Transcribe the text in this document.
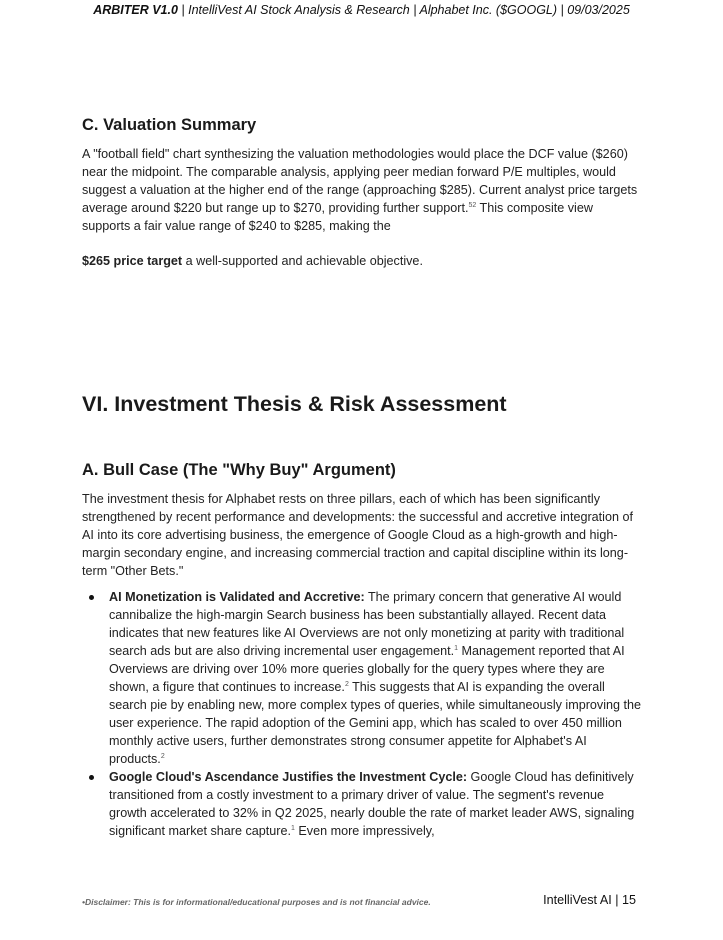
ARBITER V1.0 | IntelliVest AI Stock Analysis & Research | Alphabet Inc. ($GOOGL) | 09/03/2025
C. Valuation Summary

A "football field" chart synthesizing the valuation methodologies would place the DCF value ($260) near the midpoint. The comparable analysis, applying peer median forward P/E multiples, would suggest a valuation at the higher end of the range (approaching $285). Current analyst price targets average around $220 but range up to $270, providing further support.$^{52}$ This composite view supports a fair value range of $240 to $285, making the

$265 price target a well-supported and achievable objective.

VI. Investment Thesis & Risk Assessment
A. Bull Case (The "Why Buy" Argument)

The investment thesis for Alphabet rests on three pillars, each of which has been significantly strengthened by recent performance and developments: the successful and accretive integration of AI into its core advertising business, the emergence of Google Cloud as a high-growth and high-margin secondary engine, and increasing commercial traction and capital discipline within its long-term "Other Bets."

AI Monetization is Validated and Accretive: The primary concern that generative AI would cannibalize the high-margin Search business has been substantially allayed. Recent data indicates that new features like AI Overviews are not only monetizing at parity with traditional search ads but are also driving incremental user engagement.$^1$ Management reported that AI Overviews are driving over 10% more queries globally for the query types where they are shown, a figure that continues to increase.$^2$ This suggests that AI is expanding the overall search pie by enabling new, more complex types of queries, while simultaneously improving the user experience. The rapid adoption of the Gemini app, which has scaled to over 450 million monthly active users, further demonstrates strong consumer appetite for Alphabet's AI products.$^2$
Google Cloud's Ascendance Justifies the Investment Cycle: Google Cloud has definitively transitioned from a costly investment to a primary driver of value. The segment's revenue growth accelerated to 32% in Q2 2025, nearly double the rate of market leader AWS, signaling significant market share capture.$^1$ Even more impressively,
•Disclaimer: This is for informational/educational purposes and is not financial advice.	IntelliVest AI | 15
